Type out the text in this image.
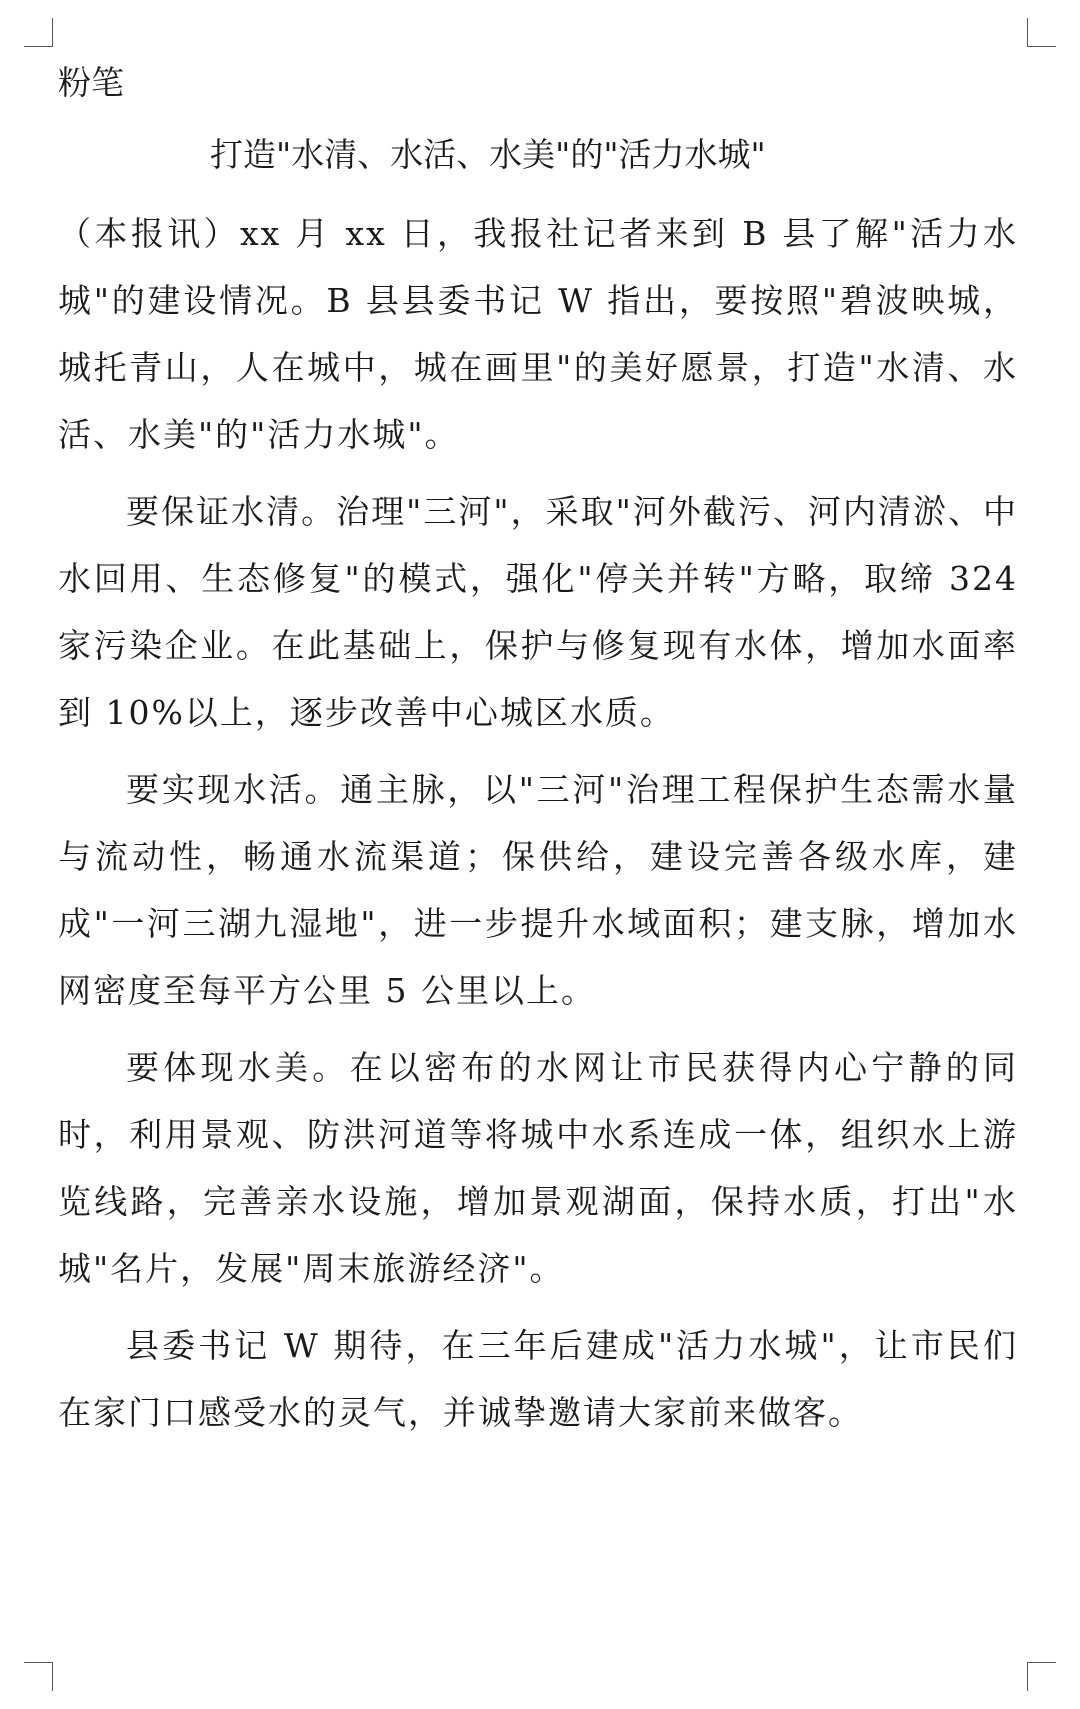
粉笔

打造"水清、水活、水美"的"活力水城"

（本报讯）xx 月 xx 日，我报社记者来到 B 县了解"活力水城"的建设情况。B 县县委书记 W 指出，要按照"碧波映城，城托青山，人在城中，城在画里"的美好愿景，打造"水清、水活、水美"的"活力水城"。

要保证水清。治理"三河"，采取"河外截污、河内清淤、中水回用、生态修复"的模式，强化"停关并转"方略，取缔 324 家污染企业。在此基础上，保护与修复现有水体，增加水面率到 10%以上，逐步改善中心城区水质。

要实现水活。通主脉，以"三河"治理工程保护生态需水量与流动性，畅通水流渠道；保供给，建设完善各级水库，建成"一河三湖九湿地"，进一步提升水域面积；建支脉，增加水网密度至每平方公里 5 公里以上。

要体现水美。在以密布的水网让市民获得内心宁静的同时，利用景观、防洪河道等将城中水系连成一体，组织水上游览线路，完善亲水设施，增加景观湖面，保持水质，打出"水城"名片，发展"周末旅游经济"。

县委书记 W 期待，在三年后建成"活力水城"，让市民们在家门口感受水的灵气，并诚挚邀请大家前来做客。
